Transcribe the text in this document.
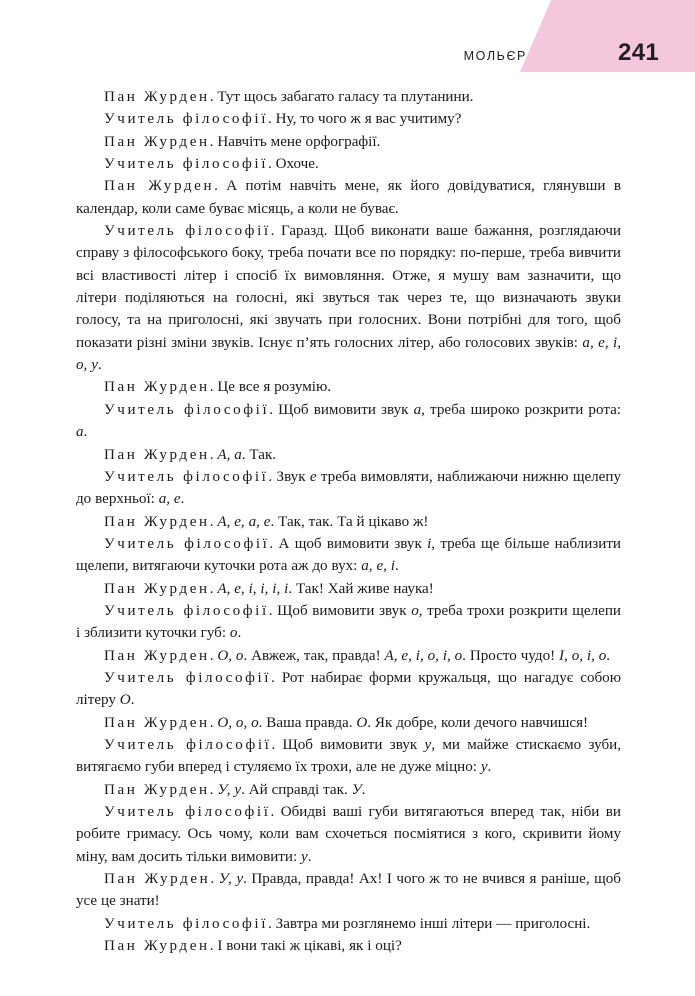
МОЛЬЄР	241

Пан Журден. Тут щось забагато галасу та плутанини.

Учитель філософії. Ну, то чого ж я вас учитиму?

Пан Журден. Навчіть мене орфографії.

Учитель філософії. Охоче.

Пан Журден. А потім навчіть мене, як його довідуватися, глянувши в календар, коли саме буває місяць, а коли не буває.

Учитель філософії. Гаразд. Щоб виконати ваше бажання, розглядаючи справу з філософського боку, треба почати все по порядку: по-перше, треба вивчити всі властивості літер і спосіб їх вимовляння. Отже, я мушу вам зазначити, що літери поділяються на голосні, які звуться так через те, що визначають звуки голосу, та на приголосні, які звучать при голосних. Вони потрібні для того, щоб показати різні зміни звуків. Існує п’ять голосних літер, або голосових звуків: а, е, і, о, у.

Пан Журден. Це все я розумію.

Учитель філософії. Щоб вимовити звук а, треба широко розкрити рота: а.

Пан Журден. А, а. Так.

Учитель філософії. Звук е треба вимовляти, наближаючи нижню щелепу до верхньої: а, е.

Пан Журден. А, е, а, е. Так, так. Та й цікаво ж!

Учитель філософії. А щоб вимовити звук і, треба ще більше наблизити щелепи, витягаючи куточки рота аж до вух: а, е, і.

Пан Журден. А, е, і, і, і, і. Так! Хай живе наука!

Учитель філософії. Щоб вимовити звук о, треба трохи розкрити щелепи і зблизити куточки губ: о.

Пан Журден. О, о. Авжеж, так, правда! А, е, і, о, і, о. Просто чудо! І, о, і, о.

Учитель філософії. Рот набирає форми кружальця, що нагадує собою літеру О.

Пан Журден. О, о, о. Ваша правда. О. Як добре, коли дечого навчишся!

Учитель філософії. Щоб вимовити звук у, ми майже стискаємо зуби, витягаємо губи вперед і стуляємо їх трохи, але не дуже міцно: у.

Пан Журден. У, у. Ай справді так. У.

Учитель філософії. Обидві ваші губи витягаються вперед так, ніби ви робите гримасу. Ось чому, коли вам схочеться посміятися з кого, скривити йому міну, вам досить тільки вимовити: у.

Пан Журден. У, у. Правда, правда! Ах! І чого ж то не вчився я раніше, щоб усе це знати!

Учитель філософії. Завтра ми розглянемо інші літери — приголосні.

Пан Журден. І вони такі ж цікаві, як і оці?
